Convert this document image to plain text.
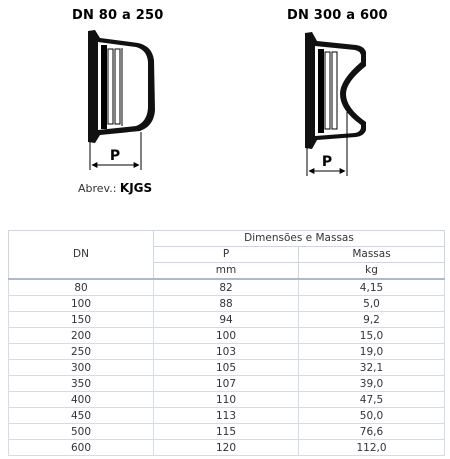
DN 80 a 250	DN 300 a 600
P	P
Abrev.: KJGS
DN	Dimensões e Massas	
	P	Massas
	mm	kg
80	82	4,15
100	88	5,0
150	94	9,2
200	100	15,0
250	103	19,0
300	105	32,1
350	107	39,0
400	110	47,5
450	113	50,0
500	115	76,6
600	120	112,0
